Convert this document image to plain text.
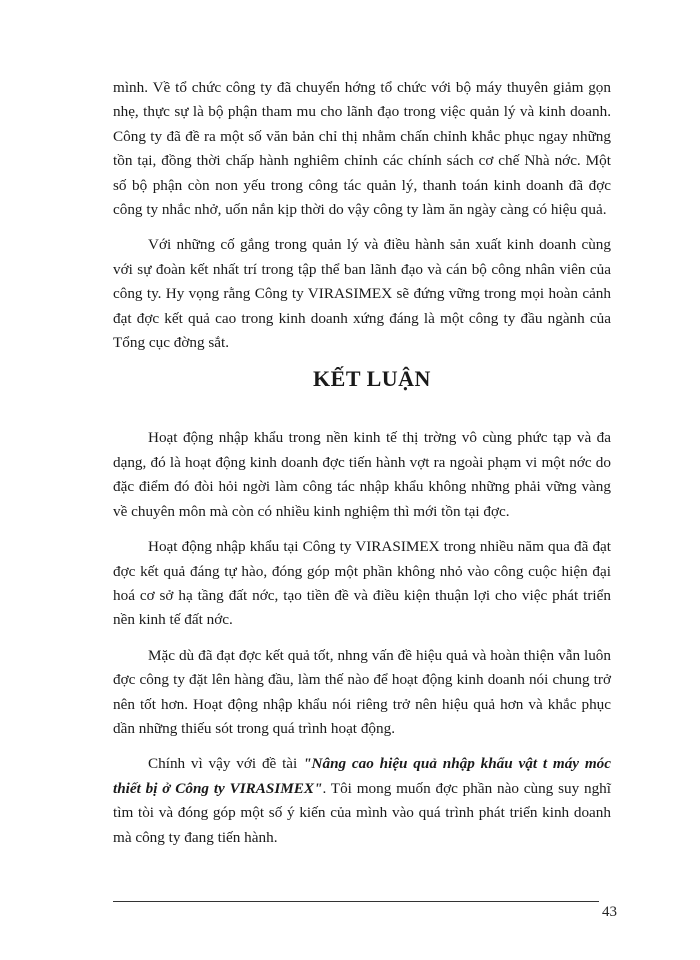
mình. Về tổ chức công ty đã chuyển hớng tổ chức với bộ máy thuyên giảm gọn nhẹ, thực sự là bộ phận tham mu cho lãnh đạo trong việc quản lý và kinh doanh. Công ty đã đề ra một số văn bản chỉ thị nhằm chấn chỉnh khắc phục ngay những tồn tại, đồng thời chấp hành nghiêm chỉnh các chính sách cơ chế Nhà nớc. Một số bộ phận còn non yếu trong công tác quản lý, thanh toán kinh doanh đã đợc công ty nhắc nhở, uốn nắn kịp thời do vậy công ty làm ăn ngày càng có hiệu quả.

Với những cố gắng trong quản lý và điều hành sản xuất kinh doanh cùng với sự đoàn kết nhất trí trong tập thể ban lãnh đạo và cán bộ công nhân viên của công ty. Hy vọng rằng Công ty VIRASIMEX sẽ đứng vững trong mọi hoàn cảnh đạt đợc kết quả cao trong kinh doanh xứng đáng là một công ty đầu ngành của Tổng cục đờng sắt.

KẾT LUẬN

Hoạt động nhập khẩu trong nền kinh tế thị trờng vô cùng phức tạp và đa dạng, đó là hoạt động kinh doanh đợc tiến hành vợt ra ngoài phạm vi một nớc do đặc điểm đó đòi hỏi ngời làm công tác nhập khẩu không những phải vững vàng về chuyên môn mà còn có nhiều kinh nghiệm thì mới tồn tại đợc.

Hoạt động nhập khẩu tại Công ty VIRASIMEX trong nhiều năm qua đã đạt đợc kết quả đáng tự hào, đóng góp một phần không nhỏ vào công cuộc hiện đại hoá cơ sở hạ tầng đất nớc, tạo tiền đề và điều kiện thuận lợi cho việc phát triển nền kinh tế đất nớc.

Mặc dù đã đạt đợc kết quả tốt, nhng vấn đề hiệu quả và hoàn thiện vẫn luôn đợc công ty đặt lên hàng đầu, làm thế nào để hoạt động kinh doanh nói chung trở nên tốt hơn. Hoạt động nhập khẩu nói riêng trở nên hiệu quả hơn và khắc phục dần những thiếu sót trong quá trình hoạt động.

Chính vì vậy với đề tài "Nâng cao hiệu quả nhập khẩu vật t máy móc thiết bị ở Công ty VIRASIMEX". Tôi mong muốn đợc phần nào cùng suy nghĩ tìm tòi và đóng góp một số ý kiến của mình vào quá trình phát triển kinh doanh mà công ty đang tiến hành.

43
